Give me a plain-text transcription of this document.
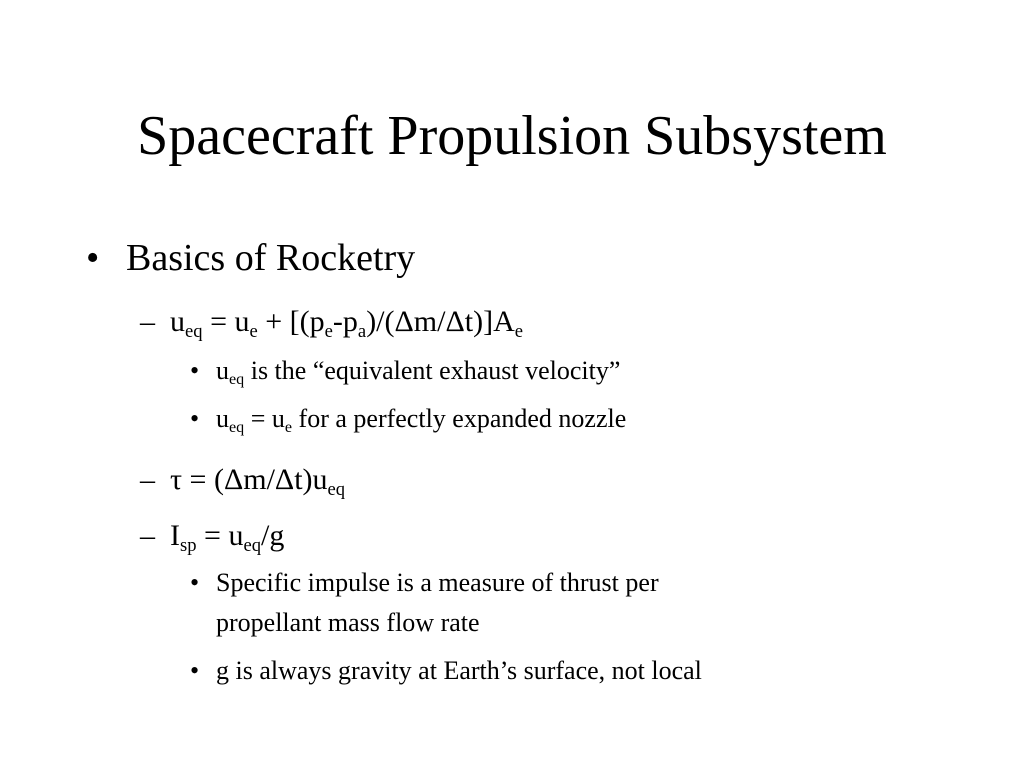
Spacecraft Propulsion Subsystem
• Basics of Rocketry
– $u_{eq} = u_e + [(p_e-p_a)/(\Delta m/\Delta t)]A_e$
• $u_{eq}$ is the “equivalent exhaust velocity”
• $u_{eq} = u_e$ for a perfectly expanded nozzle
– $\tau = (\Delta m/\Delta t)u_{eq}$
– $I_{sp} = u_{eq}/g$
• Specific impulse is a measure of thrust per
propellant mass flow rate
• g is always gravity at Earth’s surface, not local
